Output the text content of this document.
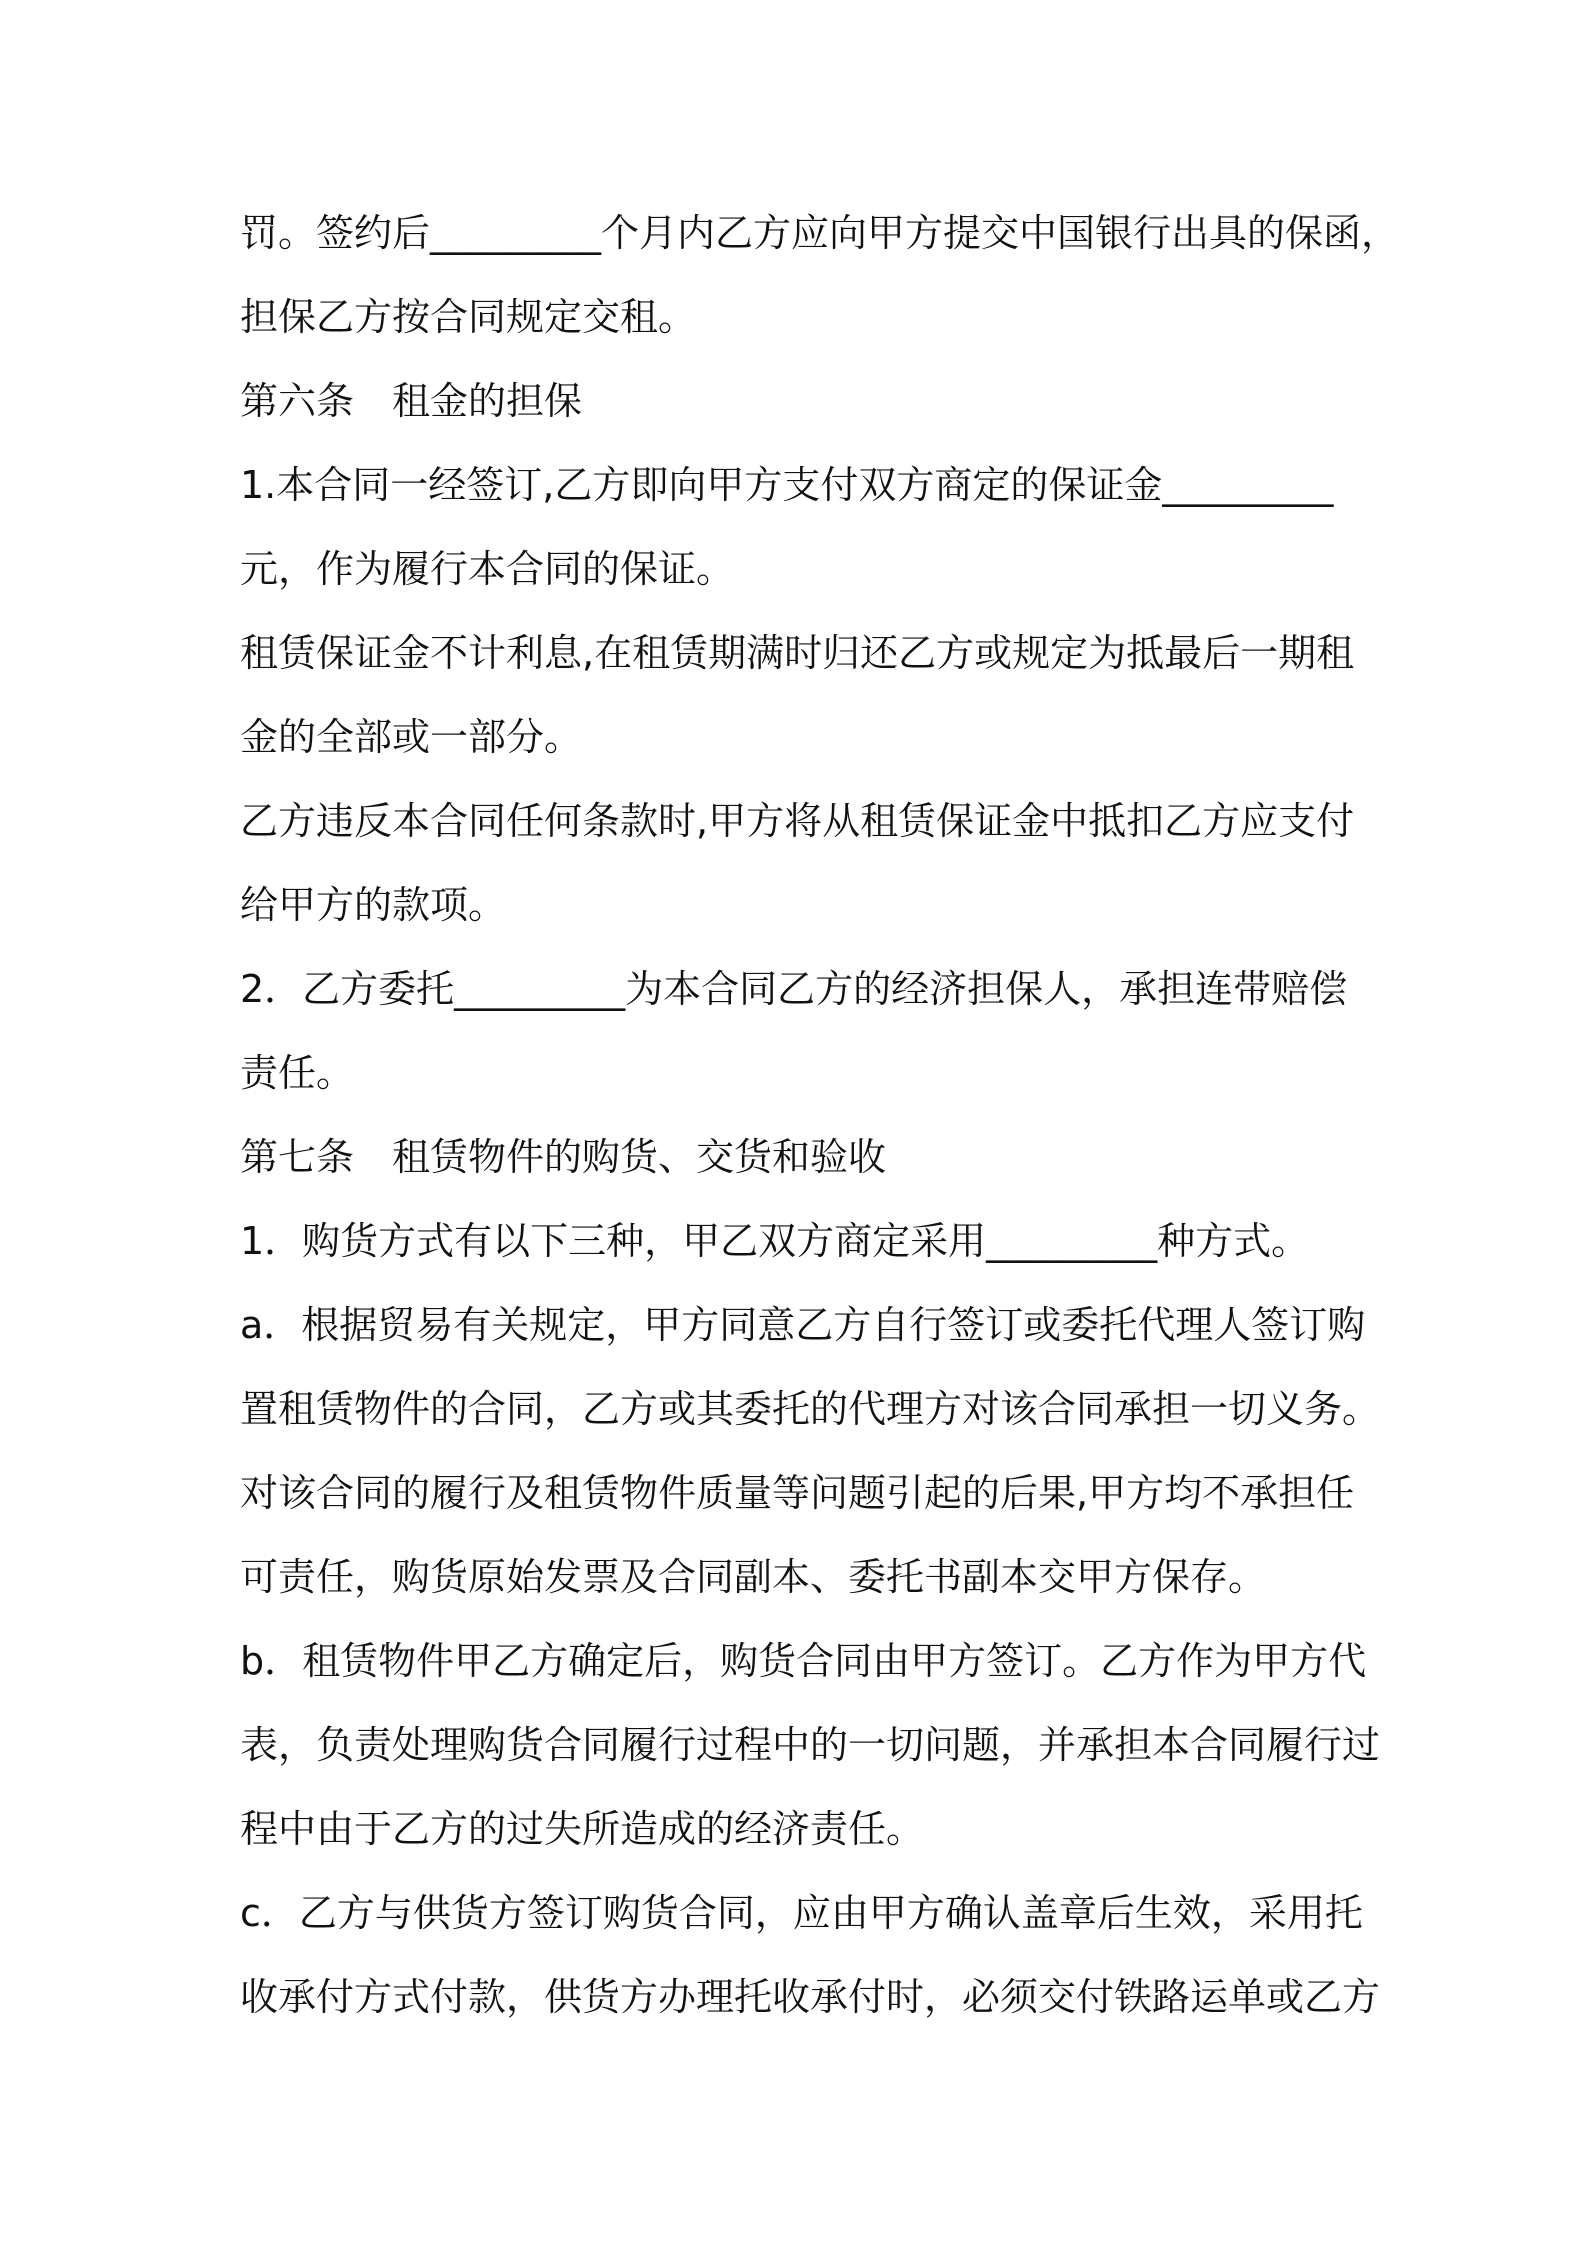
罚。签约后_________个月内乙方应向甲方提交中国银行出具的保函，
担保乙方按合同规定交租。
第六条　租金的担保
1.本合同一经签订,乙方即向甲方支付双方商定的保证金_________
元，作为履行本合同的保证。
租赁保证金不计利息,在租赁期满时归还乙方或规定为抵最后一期租
金的全部或一部分。
乙方违反本合同任何条款时,甲方将从租赁保证金中抵扣乙方应支付
给甲方的款项。
2．乙方委托_________为本合同乙方的经济担保人，承担连带赔偿
责任。
第七条　租赁物件的购货、交货和验收
1．购货方式有以下三种，甲乙双方商定采用_________种方式。
a．根据贸易有关规定，甲方同意乙方自行签订或委托代理人签订购
置租赁物件的合同，乙方或其委托的代理方对该合同承担一切义务。
对该合同的履行及租赁物件质量等问题引起的后果,甲方均不承担任
可责任，购货原始发票及合同副本、委托书副本交甲方保存。
b．租赁物件甲乙方确定后，购货合同由甲方签订。乙方作为甲方代
表，负责处理购货合同履行过程中的一切问题，并承担本合同履行过
程中由于乙方的过失所造成的经济责任。
c．乙方与供货方签订购货合同，应由甲方确认盖章后生效，采用托
收承付方式付款，供货方办理托收承付时，必须交付铁路运单或乙方
